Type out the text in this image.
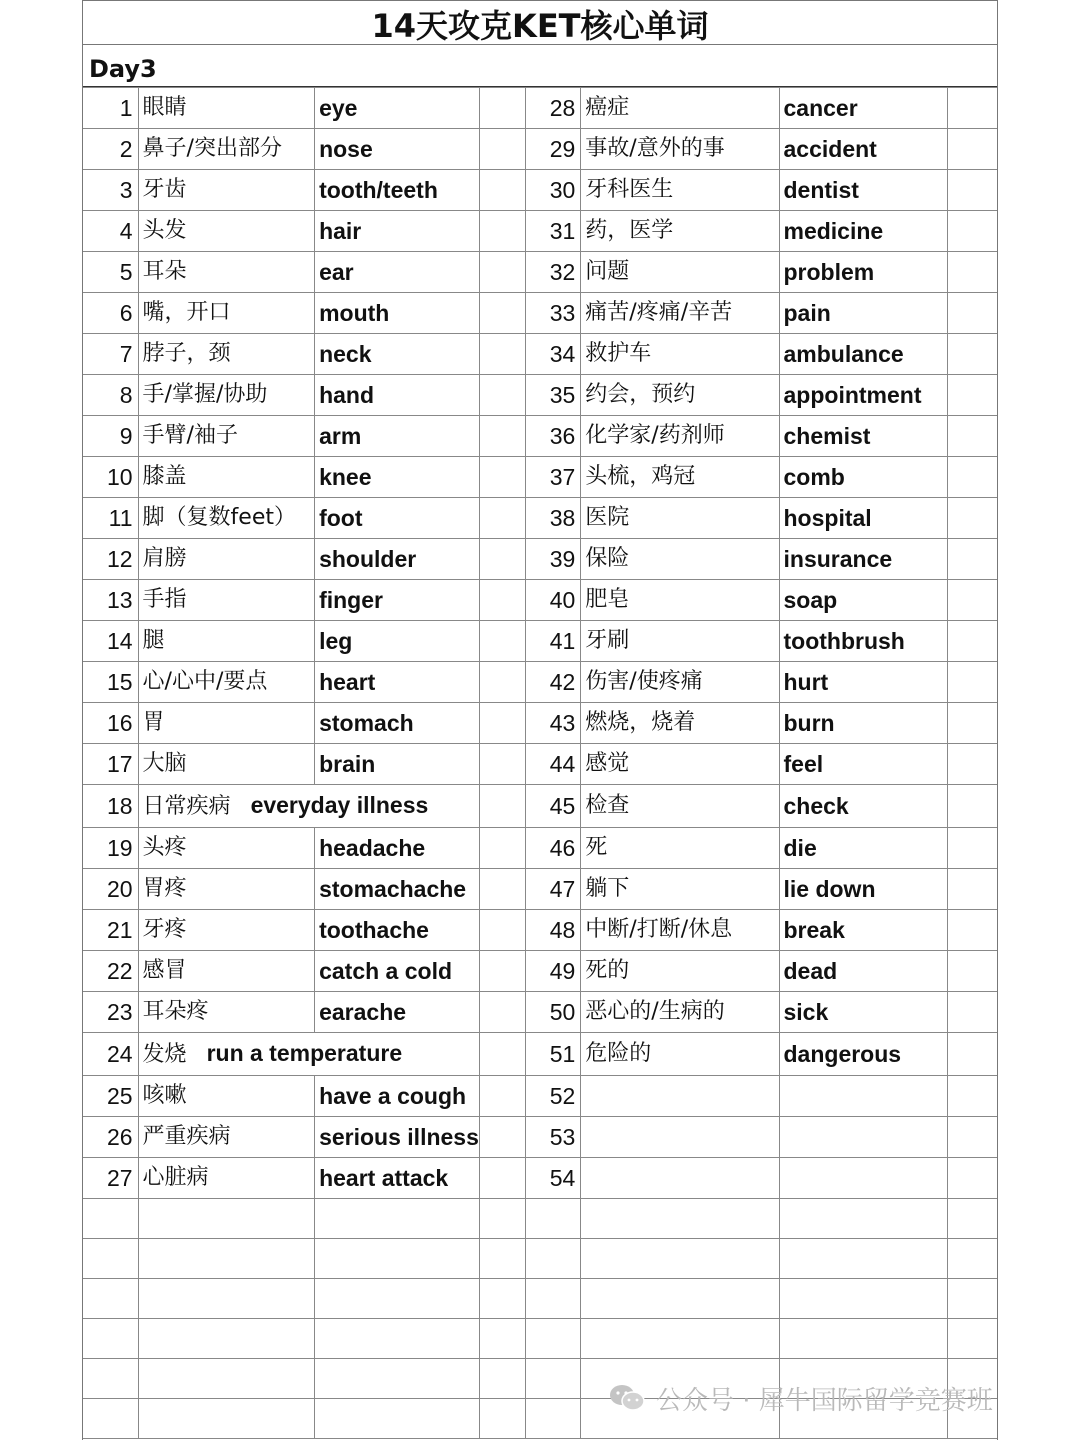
14天攻克KET核心单词
Day3
1	眼睛	eye		28	癌症	cancer	
2	鼻子/突出部分	nose		29	事故/意外的事	accident	
3	牙齿	tooth/teeth		30	牙科医生	dentist	
4	头发	hair		31	药，医学	medicine	
5	耳朵	ear		32	问题	problem	
6	嘴，开口	mouth		33	痛苦/疼痛/辛苦	pain	
7	脖子，颈	neck		34	救护车	ambulance	
8	手/掌握/协助	hand		35	约会，预约	appointment	
9	手臂/袖子	arm		36	化学家/药剂师	chemist	
10	膝盖	knee		37	头梳，鸡冠	comb	
11	脚（复数feet）	foot		38	医院	hospital	
12	肩膀	shoulder		39	保险	insurance	
13	手指	finger		40	肥皂	soap	
14	腿	leg		41	牙刷	toothbrush	
15	心/心中/要点	heart		42	伤害/使疼痛	hurt	
16	胃	stomach		43	燃烧，烧着	burn	
17	大脑	brain		44	感觉	feel	
18	日常疾病 everyday illness			45	检查	check	
19	头疼	headache		46	死	die	
20	胃疼	stomachache		47	躺下	lie down	
21	牙疼	toothache		48	中断/打断/休息	break	
22	感冒	catch a cold		49	死的	dead	
23	耳朵疼	earache		50	恶心的/生病的	sick	
24	发烧 run a temperature			51	危险的	dangerous	
25	咳嗽	have a cough		52			
26	严重疾病	serious illness		53			
27	心脏病	heart attack		54			

公众号 · 犀牛国际留学竞赛班
